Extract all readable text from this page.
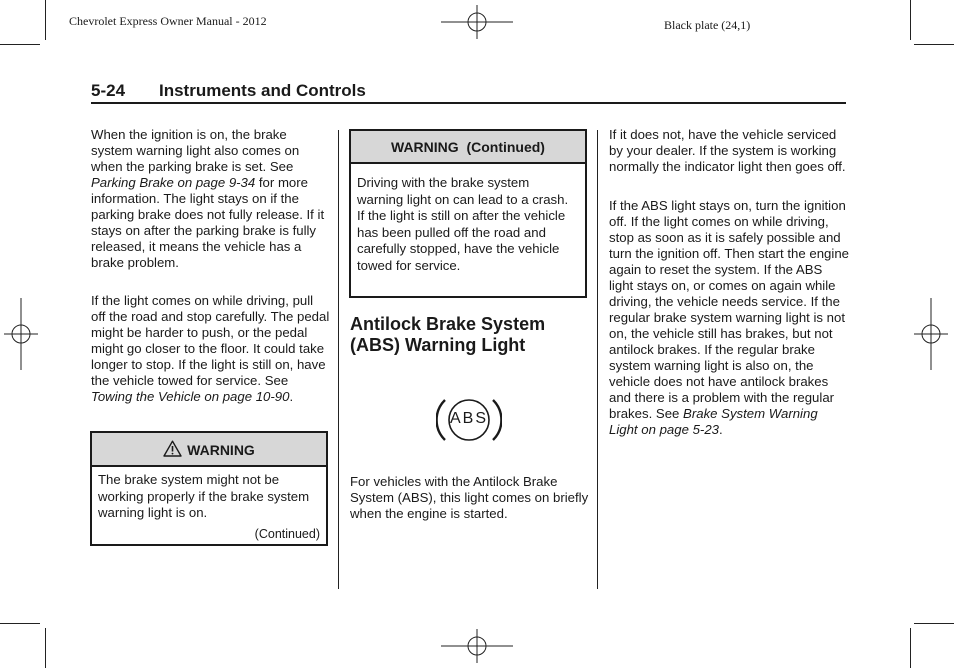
Chevrolet Express Owner Manual - 2012	Black plate (24,1)
5-24 Instruments and Controls

When the ignition is on, the brake system warning light also comes on when the parking brake is set. See Parking Brake on page 9-34 for more information. The light stays on if the parking brake does not fully release. If it stays on after the parking brake is fully released, it means the vehicle has a brake problem.

If the light comes on while driving, pull off the road and stop carefully. The pedal might be harder to push, or the pedal might go closer to the floor. It could take longer to stop. If the light is still on, have the vehicle towed for service. See Towing the Vehicle on page 10-90.

WARNING
The brake system might not be working properly if the brake system warning light is on.
(Continued)
WARNING  (Continued)
Driving with the brake system warning light on can lead to a crash. If the light is still on after the vehicle has been pulled off the road and carefully stopped, have the vehicle towed for service.
Antilock Brake System (ABS) Warning Light
ABS

For vehicles with the Antilock Brake System (ABS), this light comes on briefly when the engine is started.

If it does not, have the vehicle serviced by your dealer. If the system is working normally the indicator light then goes off.

If the ABS light stays on, turn the ignition off. If the light comes on while driving, stop as soon as it is safely possible and turn the ignition off. Then start the engine again to reset the system. If the ABS light stays on, or comes on again while driving, the vehicle needs service. If the regular brake system warning light is not on, the vehicle still has brakes, but not antilock brakes. If the regular brake system warning light is also on, the vehicle does not have antilock brakes and there is a problem with the regular brakes. See Brake System Warning Light on page 5-23.
